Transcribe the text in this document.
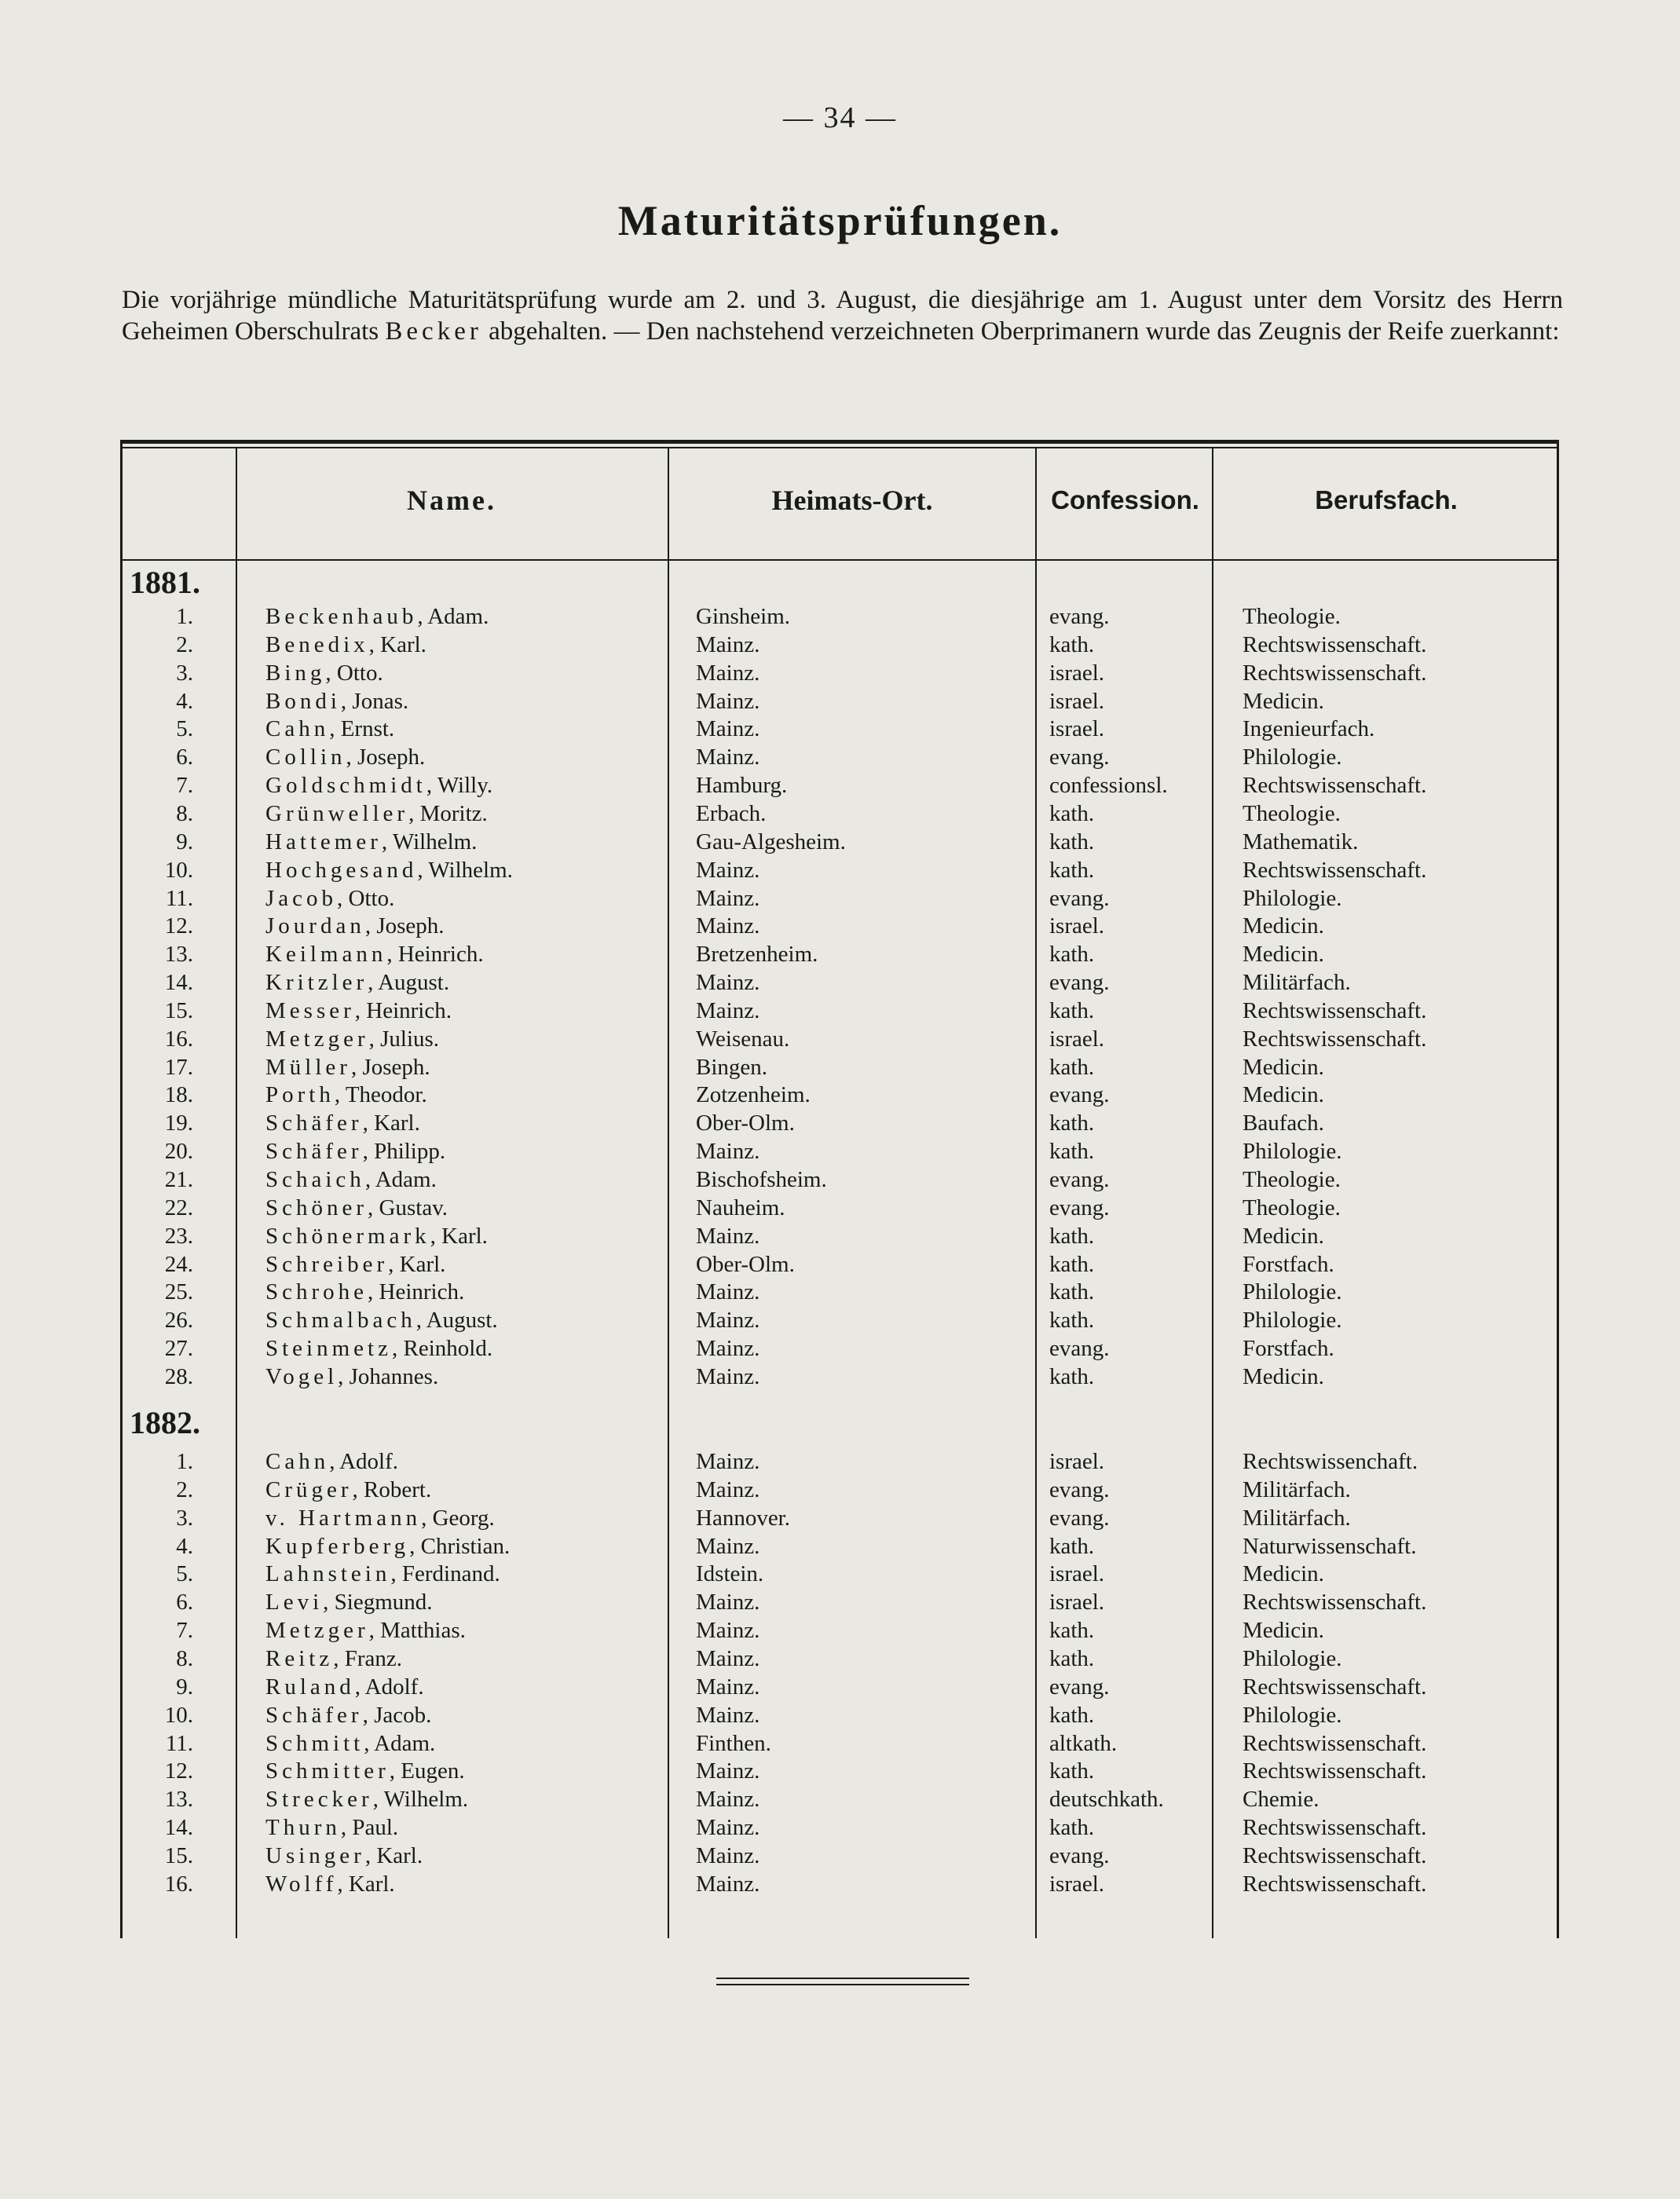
— 34 —
Maturitätsprüfungen.
Die vorjährige mündliche Maturitätsprüfung wurde am 2. und 3. August, die diesjährige am 1. August unter dem Vorsitz des Herrn Geheimen Oberschulrats Becker abgehalten. — Den nachstehend verzeichneten Oberprimanern wurde das Zeugnis der Reife zuerkannt:
Name.	Heimats-Ort.	Confession.	Berufsfach.
1881.
1.	Beckenhaub, Adam.	Ginsheim.	evang.	Theologie.
2.	Benedix, Karl.	Mainz.	kath.	Rechtswissenschaft.
3.	Bing, Otto.	Mainz.	israel.	Rechtswissenschaft.
4.	Bondi, Jonas.	Mainz.	israel.	Medicin.
5.	Cahn, Ernst.	Mainz.	israel.	Ingenieurfach.
6.	Collin, Joseph.	Mainz.	evang.	Philologie.
7.	Goldschmidt, Willy.	Hamburg.	confessionsl.	Rechtswissenschaft.
8.	Grünweller, Moritz.	Erbach.	kath.	Theologie.
9.	Hattemer, Wilhelm.	Gau-Algesheim.	kath.	Mathematik.
10.	Hochgesand, Wilhelm.	Mainz.	kath.	Rechtswissenschaft.
11.	Jacob, Otto.	Mainz.	evang.	Philologie.
12.	Jourdan, Joseph.	Mainz.	israel.	Medicin.
13.	Keilmann, Heinrich.	Bretzenheim.	kath.	Medicin.
14.	Kritzler, August.	Mainz.	evang.	Militärfach.
15.	Messer, Heinrich.	Mainz.	kath.	Rechtswissenschaft.
16.	Metzger, Julius.	Weisenau.	israel.	Rechtswissenschaft.
17.	Müller, Joseph.	Bingen.	kath.	Medicin.
18.	Porth, Theodor.	Zotzenheim.	evang.	Medicin.
19.	Schäfer, Karl.	Ober-Olm.	kath.	Baufach.
20.	Schäfer, Philipp.	Mainz.	kath.	Philologie.
21.	Schaich, Adam.	Bischofsheim.	evang.	Theologie.
22.	Schöner, Gustav.	Nauheim.	evang.	Theologie.
23.	Schönermark, Karl.	Mainz.	kath.	Medicin.
24.	Schreiber, Karl.	Ober-Olm.	kath.	Forstfach.
25.	Schrohe, Heinrich.	Mainz.	kath.	Philologie.
26.	Schmalbach, August.	Mainz.	kath.	Philologie.
27.	Steinmetz, Reinhold.	Mainz.	evang.	Forstfach.
28.	Vogel, Johannes.	Mainz.	kath.	Medicin.
1882.
1.	Cahn, Adolf.	Mainz.	israel.	Rechtswissenchaft.
2.	Crüger, Robert.	Mainz.	evang.	Militärfach.
3.	v. Hartmann, Georg.	Hannover.	evang.	Militärfach.
4.	Kupferberg, Christian.	Mainz.	kath.	Naturwissenschaft.
5.	Lahnstein, Ferdinand.	Idstein.	israel.	Medicin.
6.	Levi, Siegmund.	Mainz.	israel.	Rechtswissenschaft.
7.	Metzger, Matthias.	Mainz.	kath.	Medicin.
8.	Reitz, Franz.	Mainz.	kath.	Philologie.
9.	Ruland, Adolf.	Mainz.	evang.	Rechtswissenschaft.
10.	Schäfer, Jacob.	Mainz.	kath.	Philologie.
11.	Schmitt, Adam.	Finthen.	altkath.	Rechtswissenschaft.
12.	Schmitter, Eugen.	Mainz.	kath.	Rechtswissenschaft.
13.	Strecker, Wilhelm.	Mainz.	deutschkath.	Chemie.
14.	Thurn, Paul.	Mainz.	kath.	Rechtswissenschaft.
15.	Usinger, Karl.	Mainz.	evang.	Rechtswissenschaft.
16.	Wolff, Karl.	Mainz.	israel.	Rechtswissenschaft.
